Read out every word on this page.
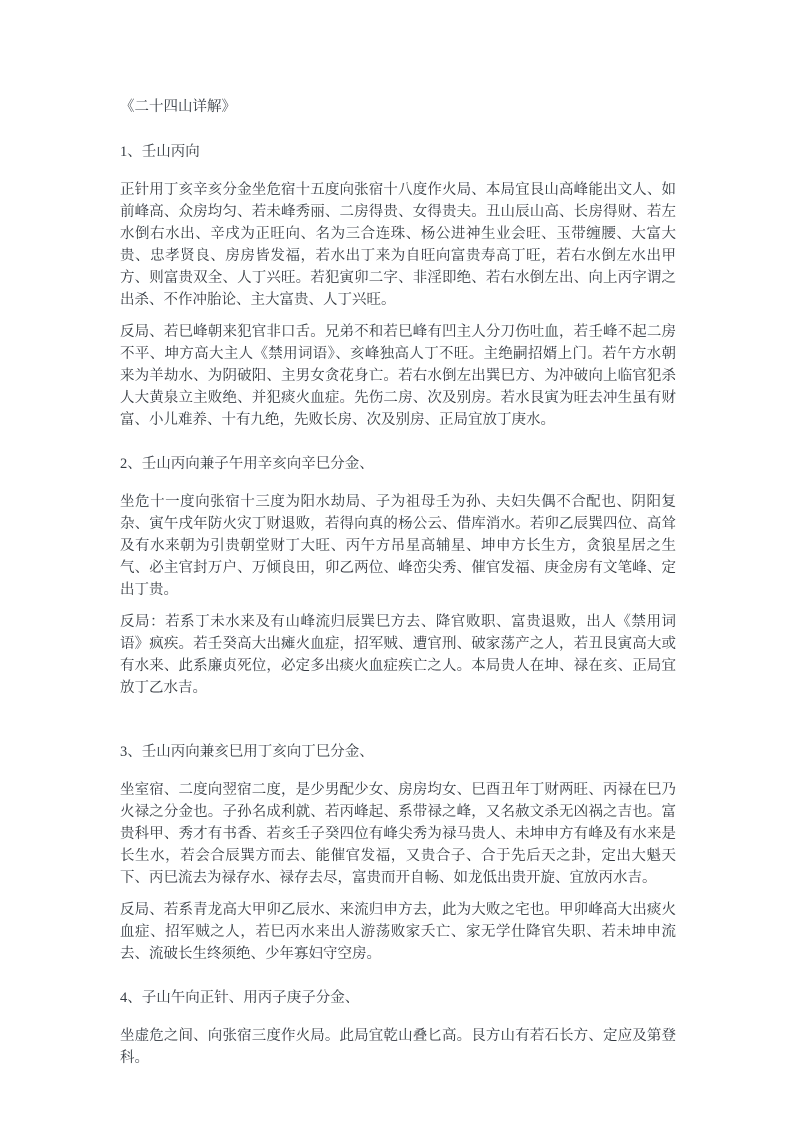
《二十四山详解》

1、壬山丙向

正针用丁亥辛亥分金坐危宿十五度向张宿十八度作火局、本局宜艮山高峰能出文人、如前峰高、众房均匀、若未峰秀丽、二房得贵、女得贵夫。丑山辰山高、长房得财、若左水倒右水出、辛戌为正旺向、名为三合连珠、杨公进神生业会旺、玉带缠腰、大富大贵、忠孝贤良、房房皆发福，若水出丁来为自旺向富贵寿高丁旺，若右水倒左水出甲方、则富贵双全、人丁兴旺。若犯寅卯二字、非淫即绝、若右水倒左出、向上丙字谓之出杀、不作冲胎论、主大富贵、人丁兴旺。

反局、若巳峰朝来犯官非口舌。兄弟不和若巳峰有凹主人分刀伤吐血，若壬峰不起二房不平、坤方高大主人《禁用词语》、亥峰独高人丁不旺。主绝嗣招婿上门。若午方水朝来为羊劫水、为阴破阳、主男女贪花身亡。若右水倒左出巽巳方、为冲破向上临官犯杀人大黄泉立主败绝、并犯痰火血症。先伤二房、次及别房。若水艮寅为旺去冲生虽有财富、小儿难养、十有九绝，先败长房、次及别房、正局宜放丁庚水。

2、壬山丙向兼子午用辛亥向辛巳分金、

坐危十一度向张宿十三度为阳水劫局、子为祖母壬为孙、夫妇失偶不合配也、阴阳复杂、寅午戌年防火灾丁财退败，若得向真的杨公云、借库消水。若卯乙辰巽四位、高耸及有水来朝为引贵朝堂财丁大旺、丙午方吊星高辅星、坤申方长生方，贪狼星居之生气、必主官封万户、万倾良田，卯乙两位、峰峦尖秀、催官发福、庚金房有文笔峰、定出丁贵。

反局：若系丁未水来及有山峰流归辰巽巳方去、降官败职、富贵退败，出人《禁用词语》疯疾。若壬癸高大出瘫火血症，招军贼、遭官刑、破家荡产之人，若丑艮寅高大或有水来、此系廉贞死位，必定多出痰火血症疾亡之人。本局贵人在坤、禄在亥、正局宜放丁乙水吉。

3、壬山丙向兼亥巳用丁亥向丁巳分金、

坐室宿、二度向翌宿二度，是少男配少女、房房均女、巳酉丑年丁财两旺、丙禄在巳乃火禄之分金也。子孙名成利就、若丙峰起、系带禄之峰，又名赦文杀无凶祸之吉也。富贵科甲、秀才有书香、若亥壬子癸四位有峰尖秀为禄马贵人、未坤申方有峰及有水来是长生水，若会合辰巽方而去、能催官发福，又贵合子、合于先后天之卦，定出大魁天下、丙巳流去为禄存水、禄存去尽，富贵而开自畅、如龙低出贵开旋、宜放丙水吉。

反局、若系青龙高大甲卯乙辰水、来流归申方去，此为大败之宅也。甲卯峰高大出痰火血症、招军贼之人，若巳丙水来出人游荡败家夭亡、家无学仕降官失职、若未坤申流去、流破长生终须绝、少年寡妇守空房。

4、子山午向正针、用丙子庚子分金、

坐虚危之间、向张宿三度作火局。此局宜乾山叠匕高。艮方山有若石长方、定应及第登科。
